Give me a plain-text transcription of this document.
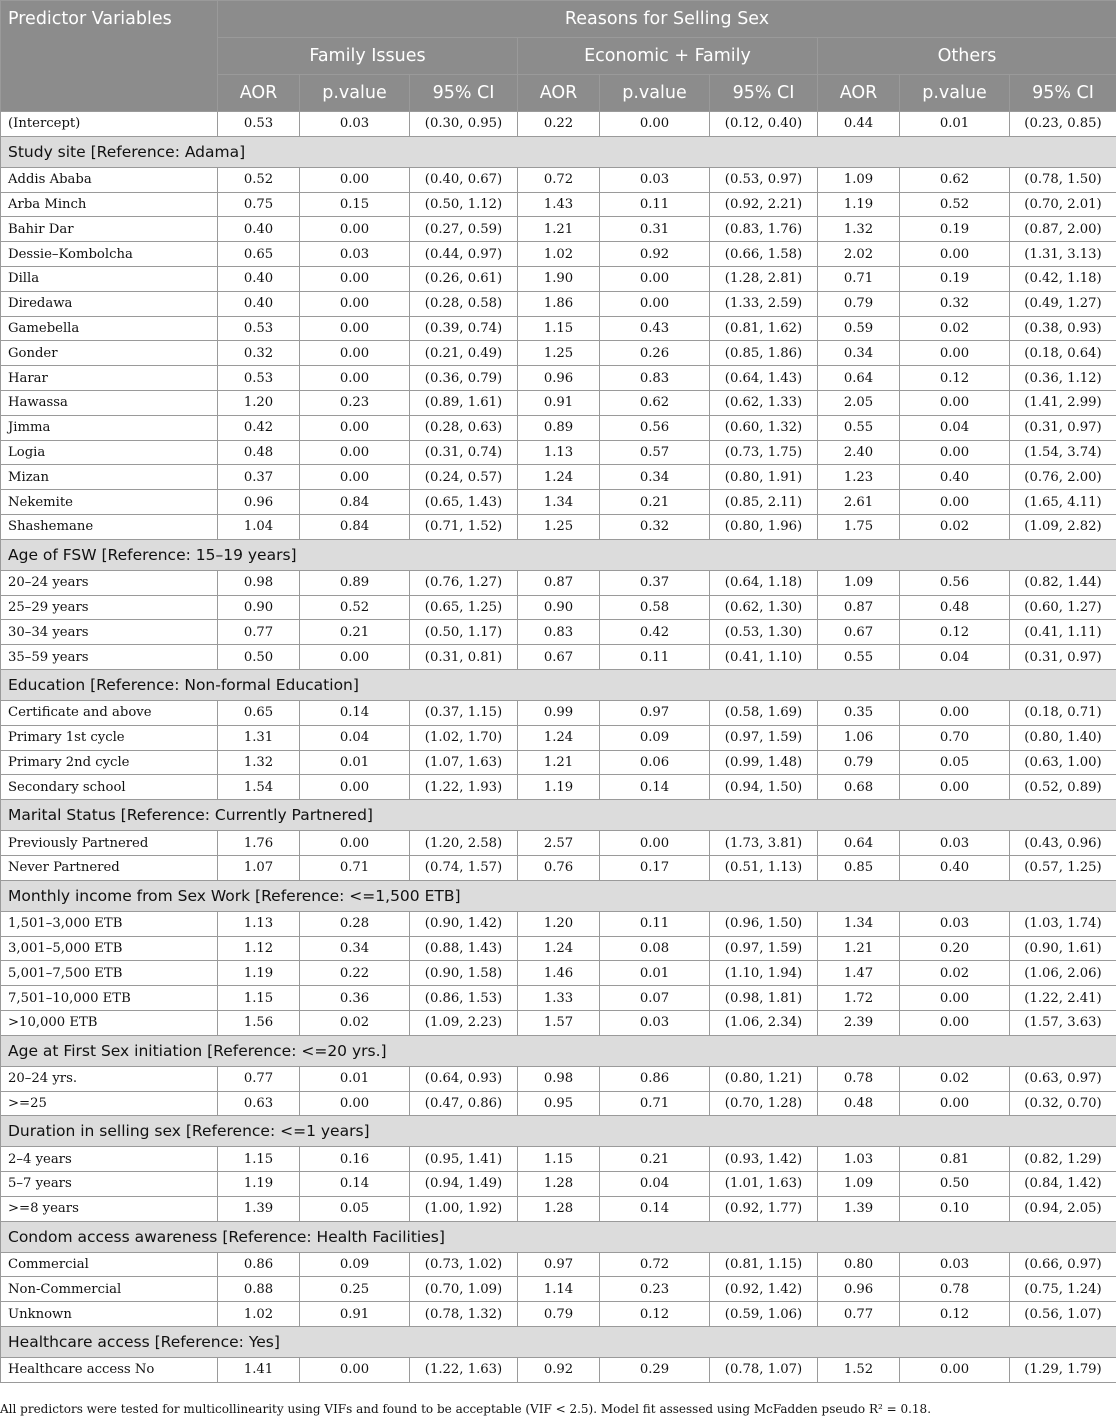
Predictor Variables	Reasons for Selling Sex								
	Family Issues			Economic + Family			Others		
	AOR	p.value	95% CI	AOR	p.value	95% CI	AOR	p.value	95% CI
(Intercept)	0.53	0.03	(0.30, 0.95)	0.22	0.00	(0.12, 0.40)	0.44	0.01	(0.23, 0.85)
Study site [Reference: Adama]									
Addis Ababa	0.52	0.00	(0.40, 0.67)	0.72	0.03	(0.53, 0.97)	1.09	0.62	(0.78, 1.50)
Arba Minch	0.75	0.15	(0.50, 1.12)	1.43	0.11	(0.92, 2.21)	1.19	0.52	(0.70, 2.01)
Bahir Dar	0.40	0.00	(0.27, 0.59)	1.21	0.31	(0.83, 1.76)	1.32	0.19	(0.87, 2.00)
Dessie–Kombolcha	0.65	0.03	(0.44, 0.97)	1.02	0.92	(0.66, 1.58)	2.02	0.00	(1.31, 3.13)
Dilla	0.40	0.00	(0.26, 0.61)	1.90	0.00	(1.28, 2.81)	0.71	0.19	(0.42, 1.18)
Diredawa	0.40	0.00	(0.28, 0.58)	1.86	0.00	(1.33, 2.59)	0.79	0.32	(0.49, 1.27)
Gamebella	0.53	0.00	(0.39, 0.74)	1.15	0.43	(0.81, 1.62)	0.59	0.02	(0.38, 0.93)
Gonder	0.32	0.00	(0.21, 0.49)	1.25	0.26	(0.85, 1.86)	0.34	0.00	(0.18, 0.64)
Harar	0.53	0.00	(0.36, 0.79)	0.96	0.83	(0.64, 1.43)	0.64	0.12	(0.36, 1.12)
Hawassa	1.20	0.23	(0.89, 1.61)	0.91	0.62	(0.62, 1.33)	2.05	0.00	(1.41, 2.99)
Jimma	0.42	0.00	(0.28, 0.63)	0.89	0.56	(0.60, 1.32)	0.55	0.04	(0.31, 0.97)
Logia	0.48	0.00	(0.31, 0.74)	1.13	0.57	(0.73, 1.75)	2.40	0.00	(1.54, 3.74)
Mizan	0.37	0.00	(0.24, 0.57)	1.24	0.34	(0.80, 1.91)	1.23	0.40	(0.76, 2.00)
Nekemite	0.96	0.84	(0.65, 1.43)	1.34	0.21	(0.85, 2.11)	2.61	0.00	(1.65, 4.11)
Shashemane	1.04	0.84	(0.71, 1.52)	1.25	0.32	(0.80, 1.96)	1.75	0.02	(1.09, 2.82)
Age of FSW [Reference: 15–19 years]									
20–24 years	0.98	0.89	(0.76, 1.27)	0.87	0.37	(0.64, 1.18)	1.09	0.56	(0.82, 1.44)
25–29 years	0.90	0.52	(0.65, 1.25)	0.90	0.58	(0.62, 1.30)	0.87	0.48	(0.60, 1.27)
30–34 years	0.77	0.21	(0.50, 1.17)	0.83	0.42	(0.53, 1.30)	0.67	0.12	(0.41, 1.11)
35–59 years	0.50	0.00	(0.31, 0.81)	0.67	0.11	(0.41, 1.10)	0.55	0.04	(0.31, 0.97)
Education [Reference: Non-formal Education]									
Certificate and above	0.65	0.14	(0.37, 1.15)	0.99	0.97	(0.58, 1.69)	0.35	0.00	(0.18, 0.71)
Primary 1st cycle	1.31	0.04	(1.02, 1.70)	1.24	0.09	(0.97, 1.59)	1.06	0.70	(0.80, 1.40)
Primary 2nd cycle	1.32	0.01	(1.07, 1.63)	1.21	0.06	(0.99, 1.48)	0.79	0.05	(0.63, 1.00)
Secondary school	1.54	0.00	(1.22, 1.93)	1.19	0.14	(0.94, 1.50)	0.68	0.00	(0.52, 0.89)
Marital Status [Reference: Currently Partnered]									
Previously Partnered	1.76	0.00	(1.20, 2.58)	2.57	0.00	(1.73, 3.81)	0.64	0.03	(0.43, 0.96)
Never Partnered	1.07	0.71	(0.74, 1.57)	0.76	0.17	(0.51, 1.13)	0.85	0.40	(0.57, 1.25)
Monthly income from Sex Work [Reference: <=1,500 ETB]									
1,501–3,000 ETB	1.13	0.28	(0.90, 1.42)	1.20	0.11	(0.96, 1.50)	1.34	0.03	(1.03, 1.74)
3,001–5,000 ETB	1.12	0.34	(0.88, 1.43)	1.24	0.08	(0.97, 1.59)	1.21	0.20	(0.90, 1.61)
5,001–7,500 ETB	1.19	0.22	(0.90, 1.58)	1.46	0.01	(1.10, 1.94)	1.47	0.02	(1.06, 2.06)
7,501–10,000 ETB	1.15	0.36	(0.86, 1.53)	1.33	0.07	(0.98, 1.81)	1.72	0.00	(1.22, 2.41)
>10,000 ETB	1.56	0.02	(1.09, 2.23)	1.57	0.03	(1.06, 2.34)	2.39	0.00	(1.57, 3.63)
Age at First Sex initiation [Reference: <=20 yrs.]									
20–24 yrs.	0.77	0.01	(0.64, 0.93)	0.98	0.86	(0.80, 1.21)	0.78	0.02	(0.63, 0.97)
>=25	0.63	0.00	(0.47, 0.86)	0.95	0.71	(0.70, 1.28)	0.48	0.00	(0.32, 0.70)
Duration in selling sex [Reference: <=1 years]									
2–4 years	1.15	0.16	(0.95, 1.41)	1.15	0.21	(0.93, 1.42)	1.03	0.81	(0.82, 1.29)
5–7 years	1.19	0.14	(0.94, 1.49)	1.28	0.04	(1.01, 1.63)	1.09	0.50	(0.84, 1.42)
>=8 years	1.39	0.05	(1.00, 1.92)	1.28	0.14	(0.92, 1.77)	1.39	0.10	(0.94, 2.05)
Condom access awareness [Reference: Health Facilities]									
Commercial	0.86	0.09	(0.73, 1.02)	0.97	0.72	(0.81, 1.15)	0.80	0.03	(0.66, 0.97)
Non-Commercial	0.88	0.25	(0.70, 1.09)	1.14	0.23	(0.92, 1.42)	0.96	0.78	(0.75, 1.24)
Unknown	1.02	0.91	(0.78, 1.32)	0.79	0.12	(0.59, 1.06)	0.77	0.12	(0.56, 1.07)
Healthcare access [Reference: Yes]									
Healthcare access No	1.41	0.00	(1.22, 1.63)	0.92	0.29	(0.78, 1.07)	1.52	0.00	(1.29, 1.79)
All predictors were tested for multicollinearity using VIFs and found to be acceptable (VIF < 2.5). Model fit assessed using McFadden pseudo R² = 0.18.
